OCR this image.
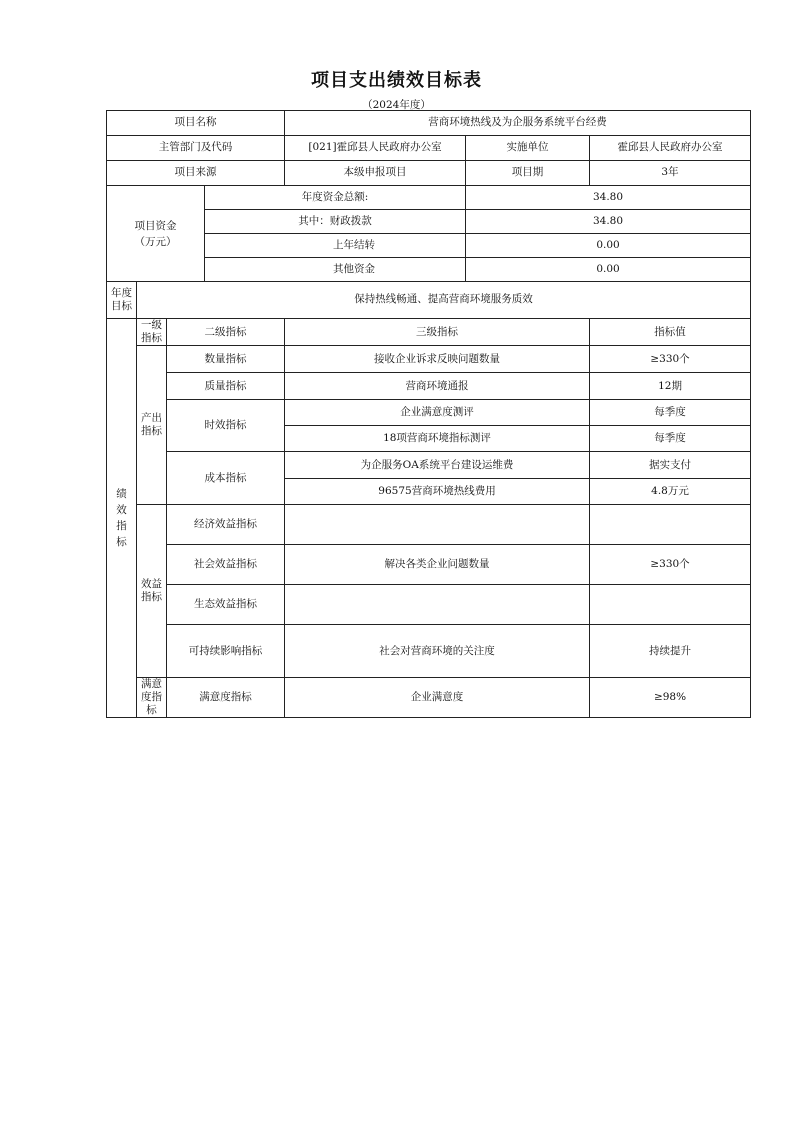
项目支出绩效目标表
（2024年度）
项目名称				营商环境热线及为企服务系统平台经费		
主管部门及代码				[021]霍邱县人民政府办公室	实施单位	霍邱县人民政府办公室
项目来源				本级申报项目	项目期	3年
项目资金（万元）			年度资金总额:		34.80	
			其中：财政拨款		34.80	
			上年结转		0.00	
			其他资金		0.00	
年度目标	保持热线畅通、提高营商环境服务质效					
绩效指标	一级指标	二级指标		三级指标		指标值
	产出指标	数量指标		接收企业诉求反映问题数量		≥330个
		质量指标		营商环境通报		12期
		时效指标		企业满意度测评		每季度
				18项营商环境指标测评		每季度
		成本指标		为企服务OA系统平台建设运维费		据实支付
				96575营商环境热线费用		4.8万元
	效益指标	经济效益指标				
		社会效益指标		解决各类企业问题数量		≥330个
		生态效益指标				
		可持续影响指标		社会对营商环境的关注度		持续提升
	满意度指标	满意度指标		企业满意度		≥98%
